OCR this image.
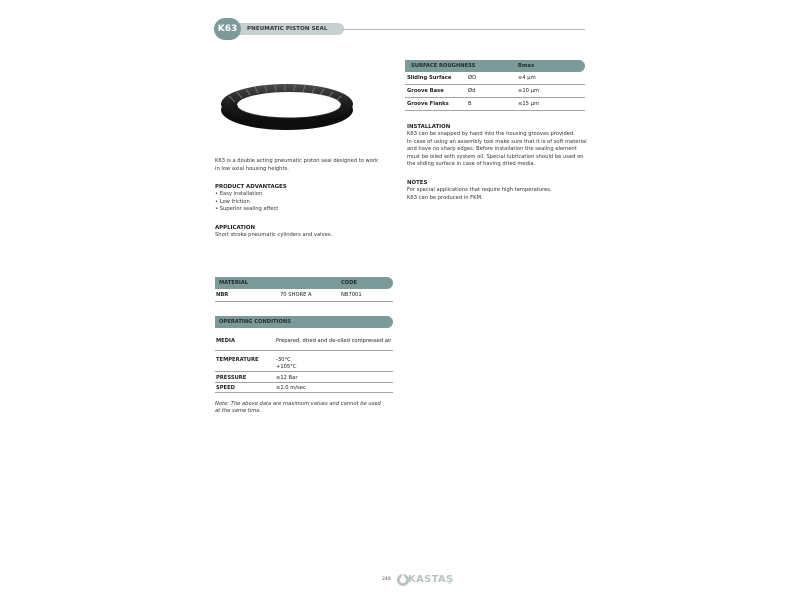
K63	PNEUMATIC PISTON SEAL
K63 is a double acting pneumatic piston seal designed to work
in low axial housing heights.
PRODUCT ADVANTAGES
• Easy installation
• Low friction
• Superior sealing effect
APPLICATION
Short stroke pneumatic cylinders and valves.
SURFACE ROUGHNESS	Rmax
Sliding Surface	ØD	≤4 µm
Groove Base	Ød	≤10 µm
Groove Flanks	B	≤15 µm
INSTALLATION
K63 can be snapped by hand into the housing grooves provided.
In case of using an assembly tool make sure that it is of soft material
and have no sharp edges. Before installation the sealing element
must be oiled with system oil. Special lubrication should be used on
the sliding surface in case of having dried media.
NOTES
For special applications that require high temperatures,
K63 can be produced in FKM.
MATERIAL	CODE
NBR	70 SHORE A	NB7001
OPERATING CONDITIONS
MEDIA	Prepared, dried and de-oiled compressed air
TEMPERATURE	-30°C
+105°C
PRESSURE	≤12 Bar
SPEED	≤1.0 m/sec
Note: The above data are maximum values and cannot be used
at the same time.
248 KASTAŞ
